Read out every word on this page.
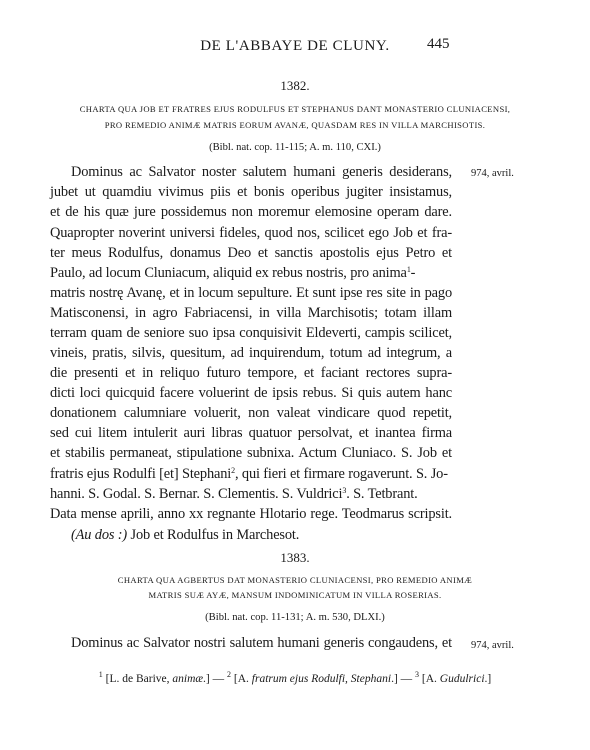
DE L'ABBAYE DE CLUNY.	445
1382.
CHARTA QUA JOB ET FRATRES EJUS RODULFUS ET STEPHANUS DANT MONASTERIO CLUNIACENSI,
PRO REMEDIO ANIMÆ MATRIS EORUM AVANÆ, QUASDAM RES IN VILLA MARCHISOTIS.
(Bibl. nat. cop. 11-115; A. m. 110, CXI.)
974, avril.
Dominus ac Salvator noster salutem humani generis desiderans,
jubet ut quamdiu vivimus piis et bonis operibus jugiter insistamus,
et de his quæ jure possidemus non moremur elemosine operam dare.
Quapropter noverint universi fideles, quod nos, scilicet ego Job et fra-
ter meus Rodulfus, donamus Deo et sanctis apostolis ejus Petro et
Paulo, ad locum Cluniacum, aliquid ex rebus nostris, pro anima$^1$-
matris nostrę Avanę, et in locum sepulture. Et sunt ipse res site in pago
Matisconensi, in agro Fabriacensi, in villa Marchisotis; totam illam
terram quam de seniore suo ipsa conquisivit Eldeverti, campis scilicet,
vineis, pratis, silvis, quesitum, ad inquirendum, totum ad integrum, a
die presenti et in reliquo futuro tempore, et faciant rectores supra-
dicti loci quicquid facere voluerint de ipsis rebus. Si quis autem hanc
donationem calumniare voluerit, non valeat vindicare quod repetit,
sed cui litem intulerit auri libras quatuor persolvat, et inantea firma
et stabilis permaneat, stipulatione subnixa. Actum Cluniaco. S. Job et
fratris ejus Rodulfi [et] Stephani$^2$, qui fieri et firmare rogaverunt. S. Jo-
hanni. S. Godal. S. Bernar. S. Clementis. S. Vuldrici$^3$. S. Tetbrant.
Data mense aprili, anno xx regnante Hlotario rege. Teodmarus scripsit.
(Au dos :) Job et Rodulfus in Marchesot.
1383.
CHARTA QUA AGBERTUS DAT MONASTERIO CLUNIACENSI, PRO REMEDIO ANIMÆ
MATRIS SUÆ AYÆ, MANSUM INDOMINICATUM IN VILLA ROSERIAS.
(Bibl. nat. cop. 11-131; A. m. 530, DLXI.)
Dominus ac Salvator nostri salutem humani generis congaudens, et 974, avril.
$^1$ [L. de Barive, animæ.] — $^2$ [A. fratrum ejus Rodulfi, Stephani.] — $^3$ [A. Gudulrici.]
